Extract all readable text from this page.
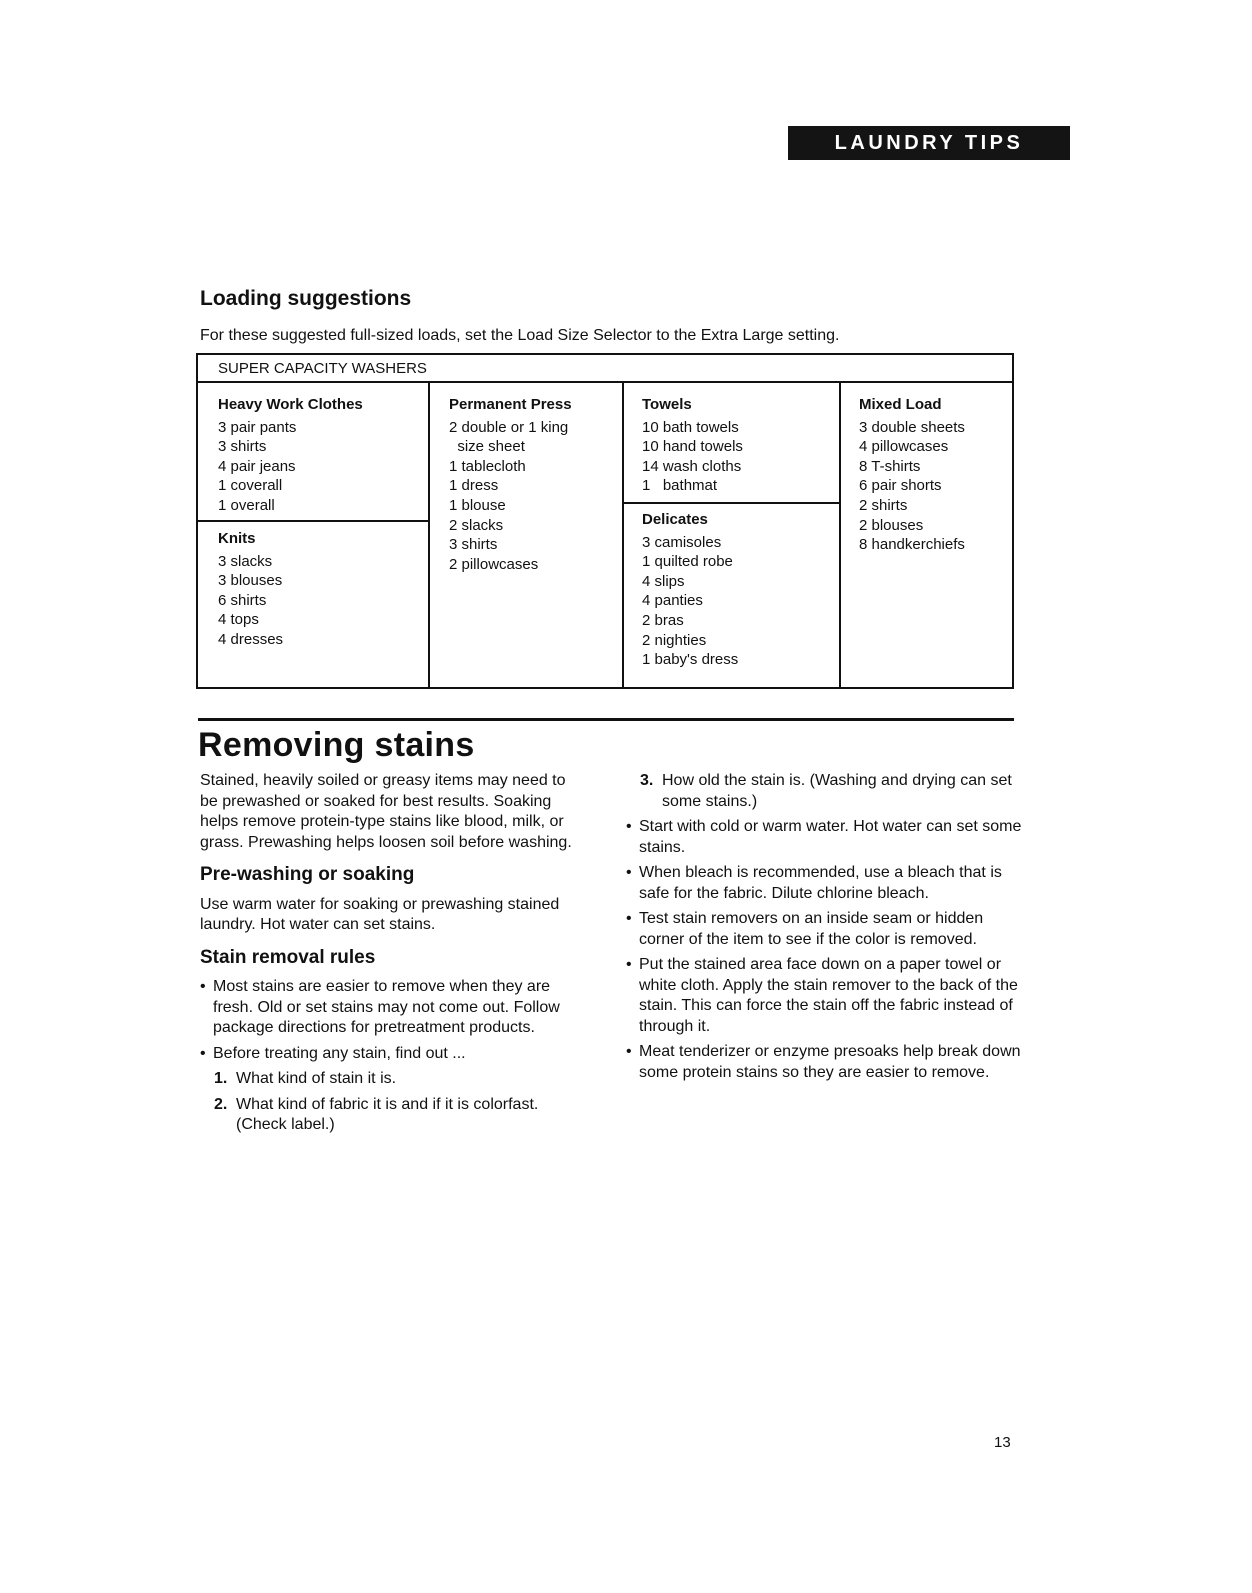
LAUNDRY TIPS
Loading suggestions

For these suggested full-sized loads, set the Load Size Selector to the Extra Large setting.

SUPER CAPACITY WASHERS

Heavy Work Clothes
3 pair pants
3 shirts
4 pair jeans
1 coverall
1 overall
Knits
3 slacks
3 blouses
6 shirts
4 tops
4 dresses
Permanent Press
2 double or 1 king
size sheet
1 tablecloth
1 dress
1 blouse
2 slacks
3 shirts
2 pillowcases
Towels
10 bath towels
10 hand towels
14 wash cloths
1   bathmat
Delicates
3 camisoles
1 quilted robe
4 slips
4 panties
2 bras
2 nighties
1 baby's dress
Mixed Load
3 double sheets
4 pillowcases
8 T-shirts
6 pair shorts
2 shirts
2 blouses
8 handkerchiefs
Removing stains

Stained, heavily soiled or greasy items may need to be prewashed or soaked for best results. Soaking helps remove protein-type stains like blood, milk, or grass. Prewashing helps loosen soil before washing.

Pre-washing or soaking

Use warm water for soaking or prewashing stained laundry. Hot water can set stains.

Stain removal rules
• Most stains are easier to remove when they are fresh. Old or set stains may not come out. Follow package directions for pretreatment products.
• Before treating any stain, find out ...
1. What kind of stain it is.
2. What kind of fabric it is and if it is colorfast. (Check label.)
3. How old the stain is. (Washing and drying can set some stains.)
• Start with cold or warm water. Hot water can set some stains.
• When bleach is recommended, use a bleach that is safe for the fabric. Dilute chlorine bleach.
• Test stain removers on an inside seam or hidden corner of the item to see if the color is removed.
• Put the stained area face down on a paper towel or white cloth. Apply the stain remover to the back of the stain. This can force the stain off the fabric instead of through it.
• Meat tenderizer or enzyme presoaks help break down some protein stains so they are easier to remove.

13
